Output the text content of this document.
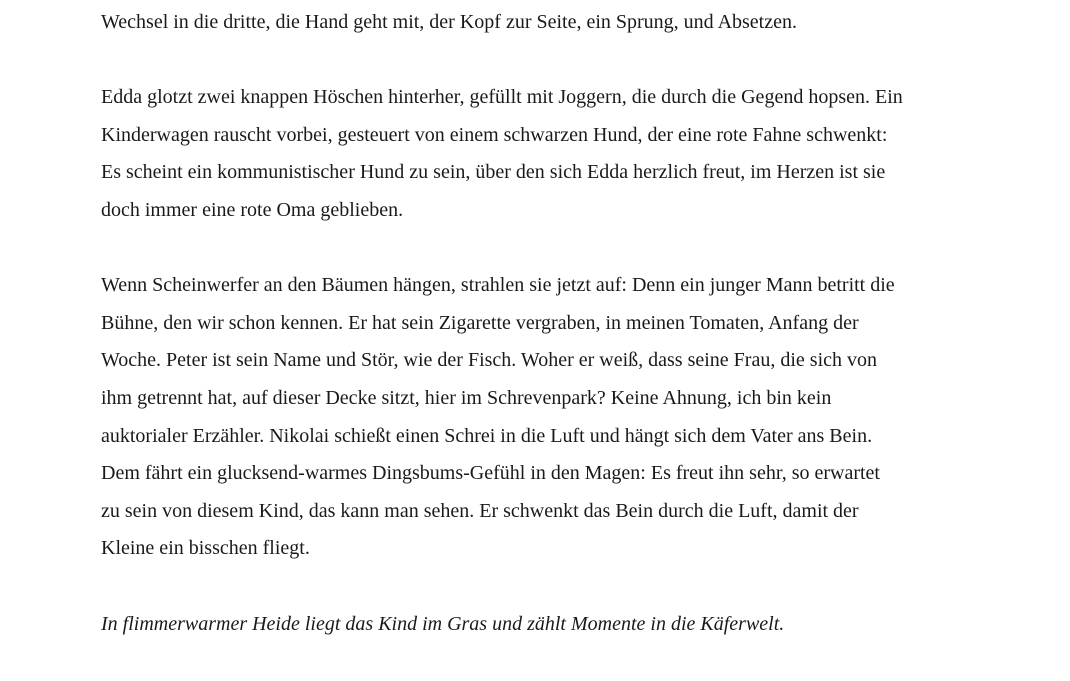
Wechsel in die dritte, die Hand geht mit, der Kopf zur Seite, ein Sprung, und Absetzen.

Edda glotzt zwei knappen Höschen hinterher, gefüllt mit Joggern, die durch die Gegend hopsen. Ein
Kinderwagen rauscht vorbei, gesteuert von einem schwarzen Hund, der eine rote Fahne schwenkt:
Es scheint ein kommunistischer Hund zu sein, über den sich Edda herzlich freut, im Herzen ist sie
doch immer eine rote Oma geblieben.

Wenn Scheinwerfer an den Bäumen hängen, strahlen sie jetzt auf: Denn ein junger Mann betritt die
Bühne, den wir schon kennen. Er hat sein Zigarette vergraben, in meinen Tomaten, Anfang der
Woche. Peter ist sein Name und Stör, wie der Fisch. Woher er weiß, dass seine Frau, die sich von
ihm getrennt hat, auf dieser Decke sitzt, hier im Schrevenpark? Keine Ahnung, ich bin kein
auktorialer Erzähler. Nikolai schießt einen Schrei in die Luft und hängt sich dem Vater ans Bein.
Dem fährt ein glucksend-warmes Dingsbums-Gefühl in den Magen: Es freut ihn sehr, so erwartet
zu sein von diesem Kind, das kann man sehen. Er schwenkt das Bein durch die Luft, damit der
Kleine ein bisschen fliegt.

In flimmerwarmer Heide liegt das Kind im Gras und zählt Momente in die Käferwelt.
